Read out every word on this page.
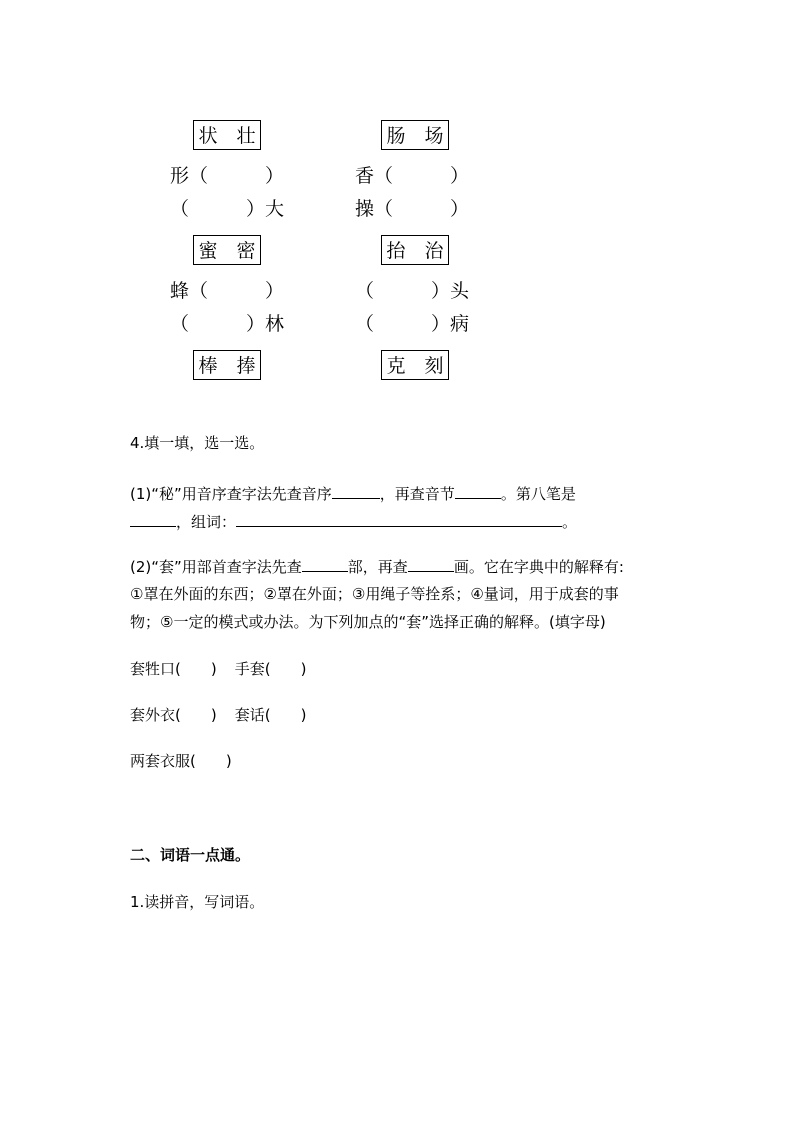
状　壮
形（　　　）
（　　　）大
肠　场
香（　　　）
操（　　　）
蜜　密
蜂（　　　）
（　　　）林
抬　治
（　　　）头
（　　　）病
棒　捧	克　刻
4.填一填，选一选。
(1)“秘”用音序查字法先查音序	，再查音节	。第八笔是
，组词：	。
(2)“套”用部首查字法先查	部，再查	画。它在字典中的解释有:
①罩在外面的东西；②罩在外面；③用绳子等拴系；④量词，用于成套的事
物；⑤一定的模式或办法。为下列加点的“套”选择正确的解释。(填字母)
套牲口(　　) 手套(　　)
套外衣(　　) 套话(　　)
两套衣服(　　)
二、词语一点通。
1.读拼音，写词语。
